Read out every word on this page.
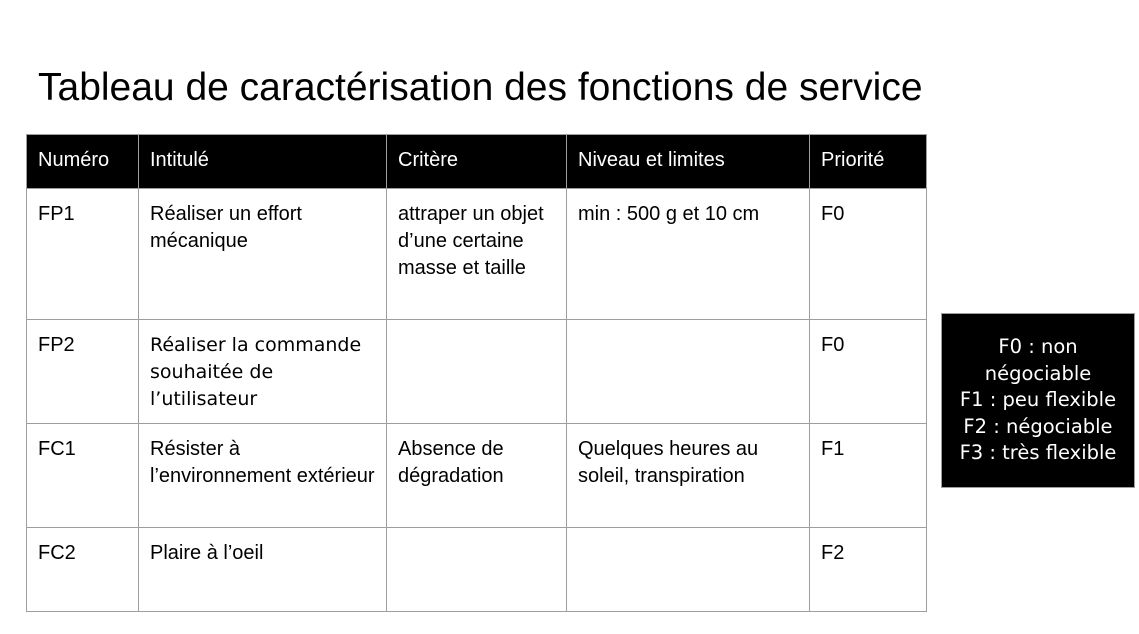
Tableau de caractérisation des fonctions de service
Numéro	Intitulé	Critère	Niveau et limites	Priorité
FP1	Réaliser un effort mécanique	attraper un objet d’une certaine masse et taille	min : 500 g et 10 cm	F0
FP2	Réaliser la commande souhaitée de l’utilisateur			F0
FC1	Résister à l’environnement extérieur	Absence de dégradation	Quelques heures au soleil, transpiration	F1
FC2	Plaire à l’oeil			F2
F0 : non
négociable
F1 : peu flexible
F2 : négociable
F3 : très flexible
